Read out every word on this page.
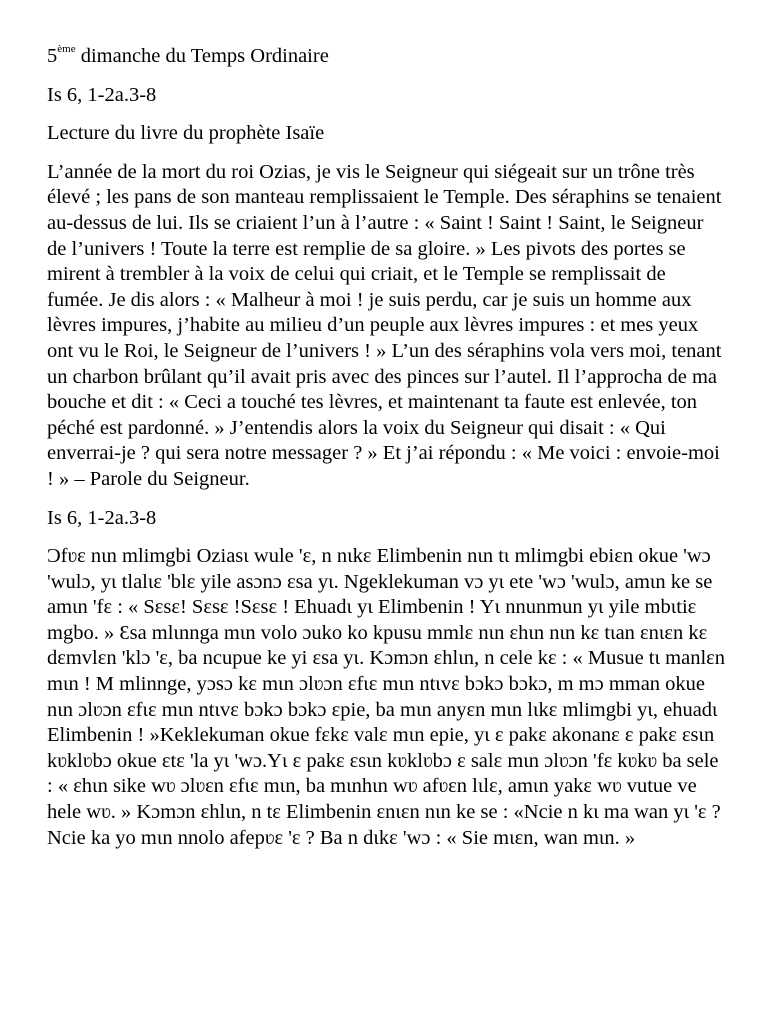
5ème dimanche du Temps Ordinaire

Is 6, 1-2a.3-8

Lecture du livre du prophète Isaïe

L’année de la mort du roi Ozias, je vis le Seigneur qui siégeait sur un trône très élevé ; les pans de son manteau remplissaient le Temple. Des séraphins se tenaient au-dessus de lui. Ils se criaient l’un à l’autre : « Saint ! Saint ! Saint, le Seigneur de l’univers ! Toute la terre est remplie de sa gloire. » Les pivots des portes se mirent à trembler à la voix de celui qui criait, et le Temple se remplissait de fumée. Je dis alors : « Malheur à moi ! je suis perdu, car je suis un homme aux lèvres impures, j’habite au milieu d’un peuple aux lèvres impures : et mes yeux ont vu le Roi, le Seigneur de l’univers ! » L’un des séraphins vola vers moi, tenant un charbon brûlant qu’il avait pris avec des pinces sur l’autel. Il l’approcha de ma bouche et dit : « Ceci a touché tes lèvres, et maintenant ta faute est enlevée, ton péché est pardonné. » J’entendis alors la voix du Seigneur qui disait : « Qui enverrai-je ? qui sera notre messager ? » Et j’ai répondu : « Me voici : envoie-moi ! » – Parole du Seigneur.

Is 6, 1-2a.3-8

Ɔfʋɛ nɩn mlimgbi Oziasɩ wule 'ɛ, n nɩkɛ Elimbenin nɩn tɩ mlimgbi ebiɛn okue 'wɔ 'wulɔ, yɩ tlalɩɛ 'blɛ yile asɔnɔ ɛsa yɩ. Ngeklekuman vɔ yɩ ete 'wɔ 'wulɔ, amɩn ke se amɩn 'fɛ : « Sɛsɛ! Sɛsɛ !Sɛsɛ ! Ehuadɩ yɩ Elimbenin ! Yɩ nnunmun yɩ yile mbɩtiɛ mgbo. » Ɛsa mlɩnnga mɩn volo ɔuko ko kpusu mmlɛ nɩn ɛhɩn nɩn kɛ tɩan ɛnɩɛn kɛ dɛmvlɛn 'klɔ 'ɛ, ba ncupue ke yi ɛsa yɩ. Kɔmɔn ɛhlɩn, n cele kɛ : « Musue tɩ manlɛn mɩn ! M mlinnge, yɔsɔ kɛ mɩn ɔlʋɔn ɛfɩɛ mɩn ntɩvɛ bɔkɔ bɔkɔ, m mɔ mman okue nɩn ɔlʋɔn ɛfɩɛ mɩn ntɩvɛ bɔkɔ bɔkɔ ɛpie, ba mɩn anyɛn mɩn lɩkɛ mlimgbi yɩ, ehuadɩ Elimbenin ! »Keklekuman okue fɛkɛ valɛ mɩn epie, yɩ ɛ pakɛ akonanɛ ɛ pakɛ ɛsɩn kʋklʋbɔ okue ɛtɛ 'la yɩ 'wɔ.Yɩ ɛ pakɛ ɛsɩn kʋklʋbɔ ɛ salɛ mɩn ɔlʋɔn 'fɛ kʋkʋ ba sele : « ɛhɩn sike wʋ ɔlʋɛn ɛfɩɛ mɩn, ba mɩnhɩn wʋ afʋɛn lɩlɛ, amɩn yakɛ wʋ vutue ve hele wʋ. » Kɔmɔn ɛhlɩn, n tɛ Elimbenin ɛnɩɛn nɩn ke se : «Ncie n kɩ ma wan yɩ 'ɛ ? Ncie ka yo mɩn nnolo afepʋɛ 'ɛ ? Ba n dɩkɛ 'wɔ : « Sie mɩɛn, wan mɩn. »
